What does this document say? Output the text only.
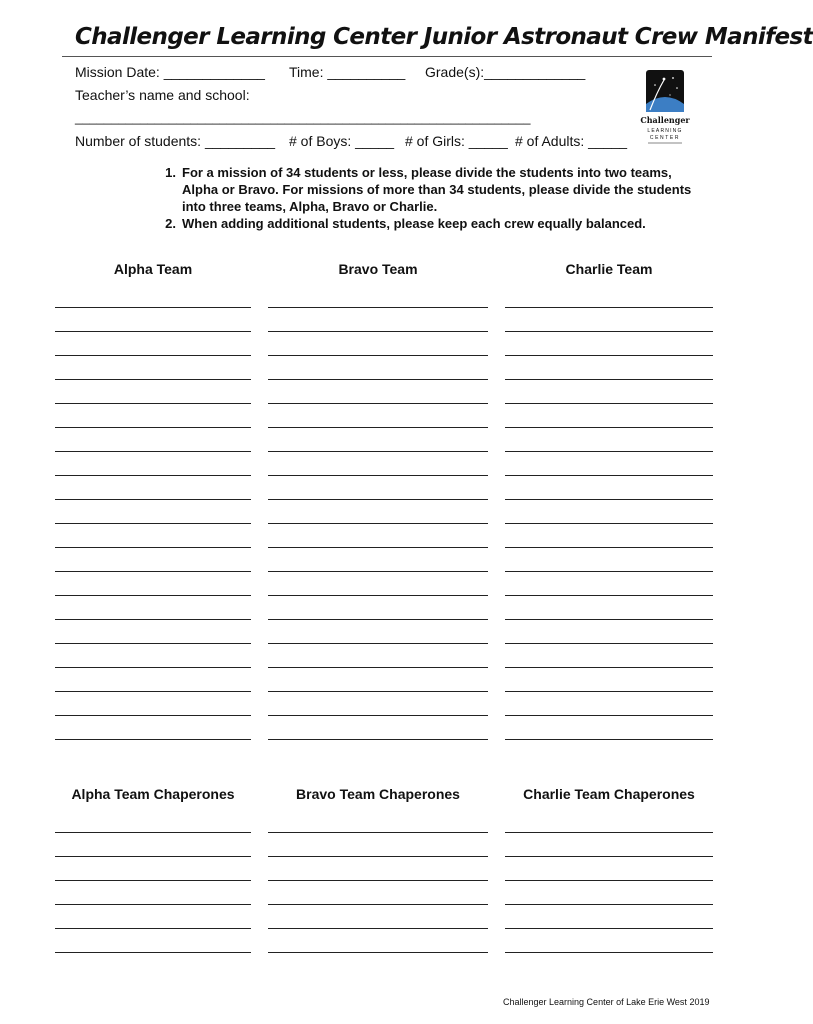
Challenger Learning Center Junior Astronaut Crew Manifest
Mission Date: _____________ Time: __________ Grade(s):_____________
Teacher’s name and school:
_______________________________________________________________
Number of students: _________ # of Boys: _____ # of Girls: _____ # of Adults: _____
Challenger
LEARNING
CENTER
1. For a mission of 34 students or less, please divide the students into two teams, Alpha or Bravo. For missions of more than 34 students, please divide the students into three teams, Alpha, Bravo or Charlie.
2. When adding additional students, please keep each crew equally balanced.
Alpha Team	Bravo Team	Charlie Team
Alpha Team Chaperones	Bravo Team Chaperones	Charlie Team Chaperones
Challenger Learning Center of Lake Erie West 2019
